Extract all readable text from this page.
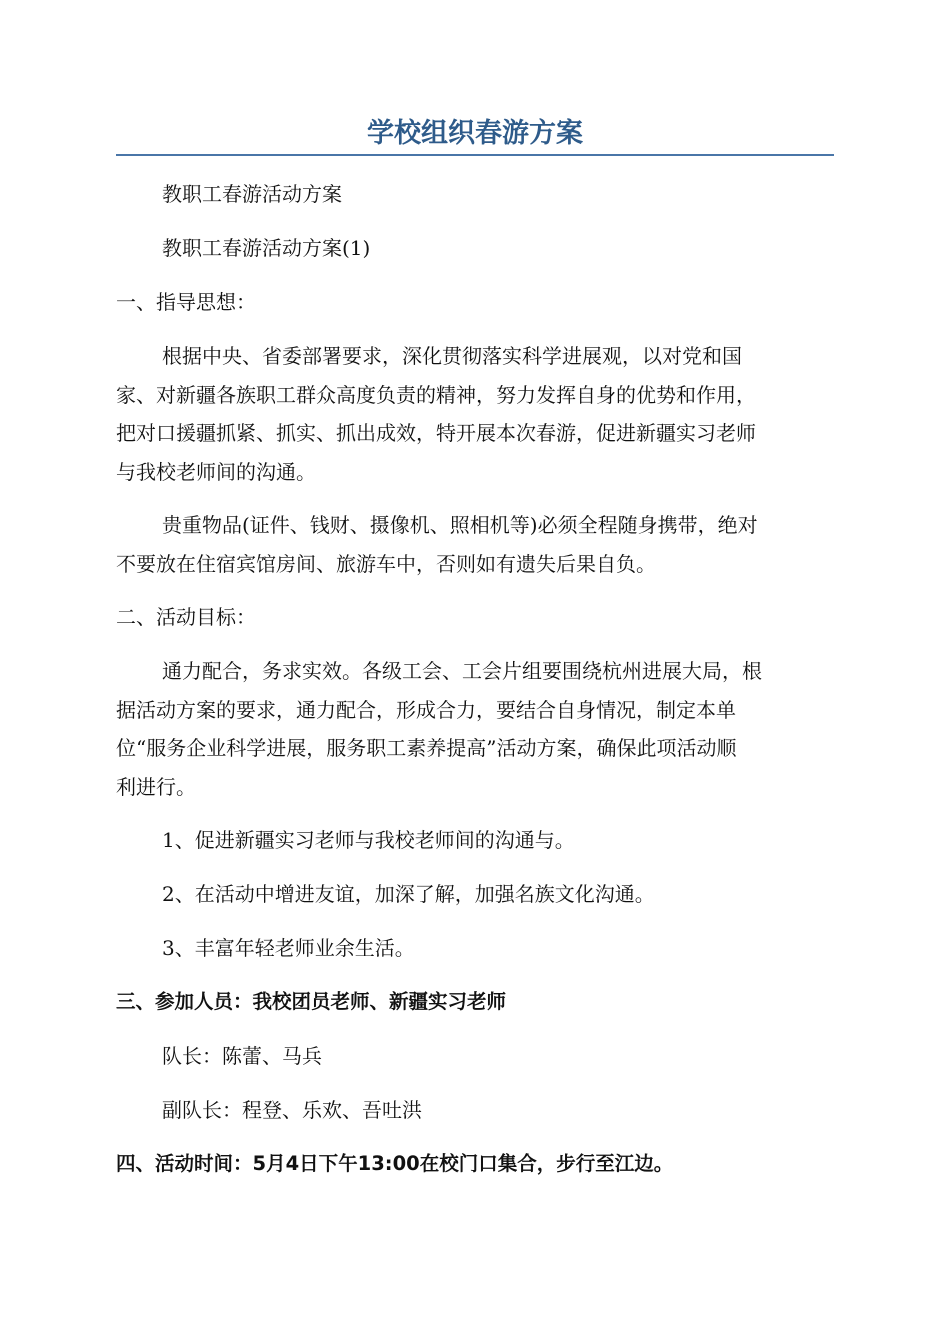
学校组织春游方案

教职工春游活动方案

教职工春游活动方案(1)

一、指导思想：

根据中央、省委部署要求，深化贯彻落实科学进展观，以对党和国
家、对新疆各族职工群众高度负责的精神，努力发挥自身的优势和作用，
把对口援疆抓紧、抓实、抓出成效，特开展本次春游，促进新疆实习老师
与我校老师间的沟通。

贵重物品(证件、钱财、摄像机、照相机等)必须全程随身携带，绝对
不要放在住宿宾馆房间、旅游车中，否则如有遗失后果自负。

二、活动目标：

通力配合，务求实效。各级工会、工会片组要围绕杭州进展大局，根
据活动方案的要求，通力配合，形成合力，要结合自身情况，制定本单
位“服务企业科学进展，服务职工素养提高”活动方案，确保此项活动顺
利进行。

1、促进新疆实习老师与我校老师间的沟通与。

2、在活动中增进友谊，加深了解，加强名族文化沟通。

3、丰富年轻老师业余生活。

三、参加人员：我校团员老师、新疆实习老师

队长：陈蕾、马兵

副队长：程登、乐欢、吾吐洪

四、活动时间：5月4日下午13:00在校门口集合，步行至江边。
